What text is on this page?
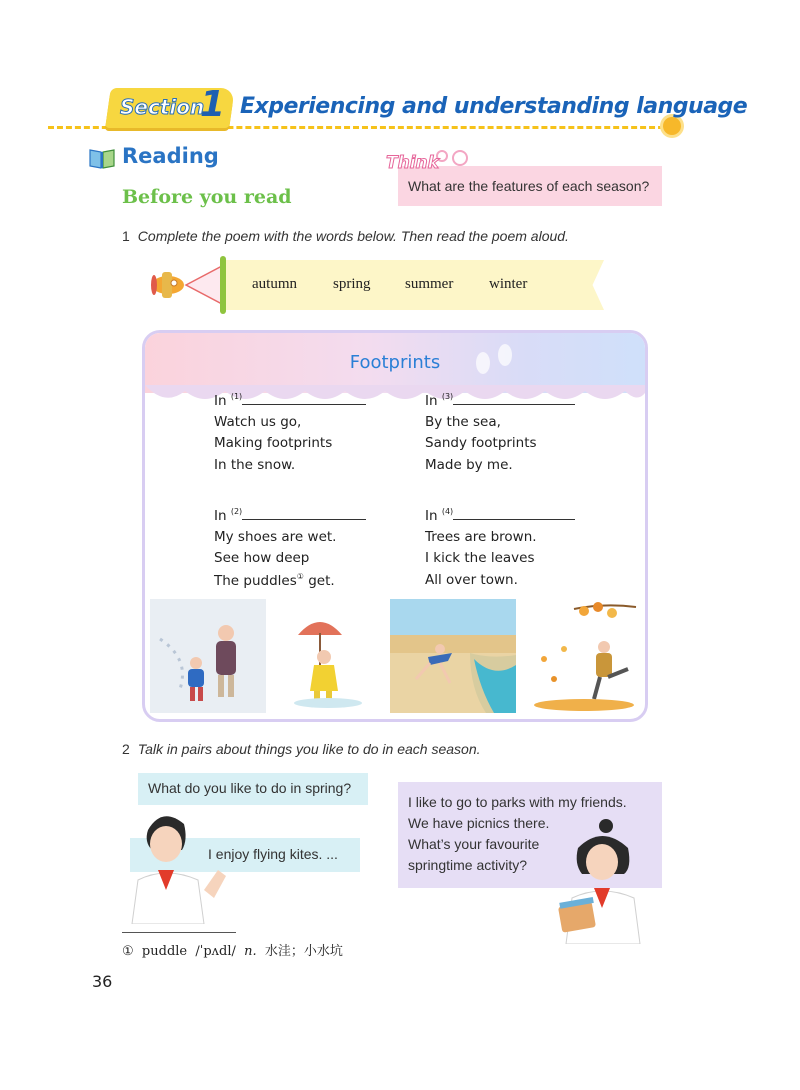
Section
1 Experiencing and understanding language
Reading
Before you read
Think
What are the features of each season?
1 Complete the poem with the words below. Then read the poem aloud.
autumn spring summer winter
Footprints
In $^{(1)}$
Watch us go,
Making footprints
In the snow.
In $^{(2)}$
My shoes are wet.
See how deep
The puddles① get.
In $^{(3)}$
By the sea,
Sandy footprints
Made by me.
In $^{(4)}$
Trees are brown.
I kick the leaves
All over town.
2 Talk in pairs about things you like to do in each season.
What do you like to do in spring?
I enjoy flying kites. ...
I like to go to parks with my friends.
We have picnics there.
What’s your favourite
springtime activity?
① puddle /ˈpʌdl/ n. 水洼；小水坑
36
